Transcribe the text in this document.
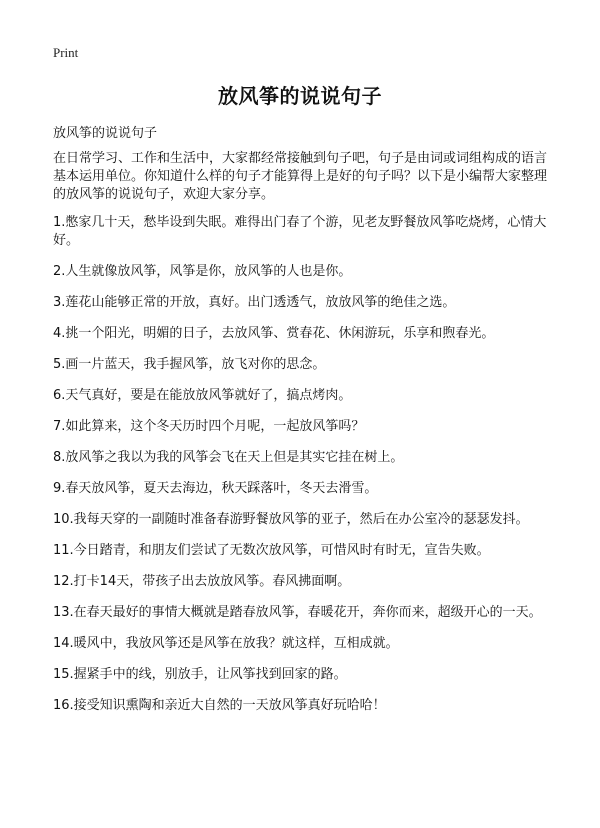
Print
放风筝的说说句子
放风筝的说说句子
在日常学习、工作和生活中，大家都经常接触到句子吧，句子是由词或词组构成的语言基本运用单位。你知道什么样的句子才能算得上是好的句子吗？以下是小编帮大家整理的放风筝的说说句子，欢迎大家分享。
1.憋家几十天，愁毕设到失眠。难得出门春了个游，见老友野餐放风筝吃烧烤，心情大好。
2.人生就像放风筝，风筝是你，放风筝的人也是你。
3.莲花山能够正常的开放，真好。出门透透气，放放风筝的绝佳之选。
4.挑一个阳光，明媚的日子，去放风筝、赏春花、休闲游玩，乐享和煦春光。
5.画一片蓝天，我手握风筝，放飞对你的思念。
6.天气真好，要是在能放放风筝就好了，搞点烤肉。
7.如此算来，这个冬天历时四个月呢，一起放风筝吗？
8.放风筝之我以为我的风筝会飞在天上但是其实它挂在树上。
9.春天放风筝，夏天去海边，秋天踩落叶，冬天去滑雪。
10.我每天穿的一副随时准备春游野餐放风筝的亚子，然后在办公室冷的瑟瑟发抖。
11.今日踏青，和朋友们尝试了无数次放风筝，可惜风时有时无，宣告失败。
12.打卡14天，带孩子出去放放风筝。春风拂面啊。
13.在春天最好的事情大概就是踏春放风筝，春暖花开，奔你而来，超级开心的一天。
14.暖风中，我放风筝还是风筝在放我？就这样，互相成就。
15.握紧手中的线，别放手，让风筝找到回家的路。
16.接受知识熏陶和亲近大自然的一天放风筝真好玩哈哈！
